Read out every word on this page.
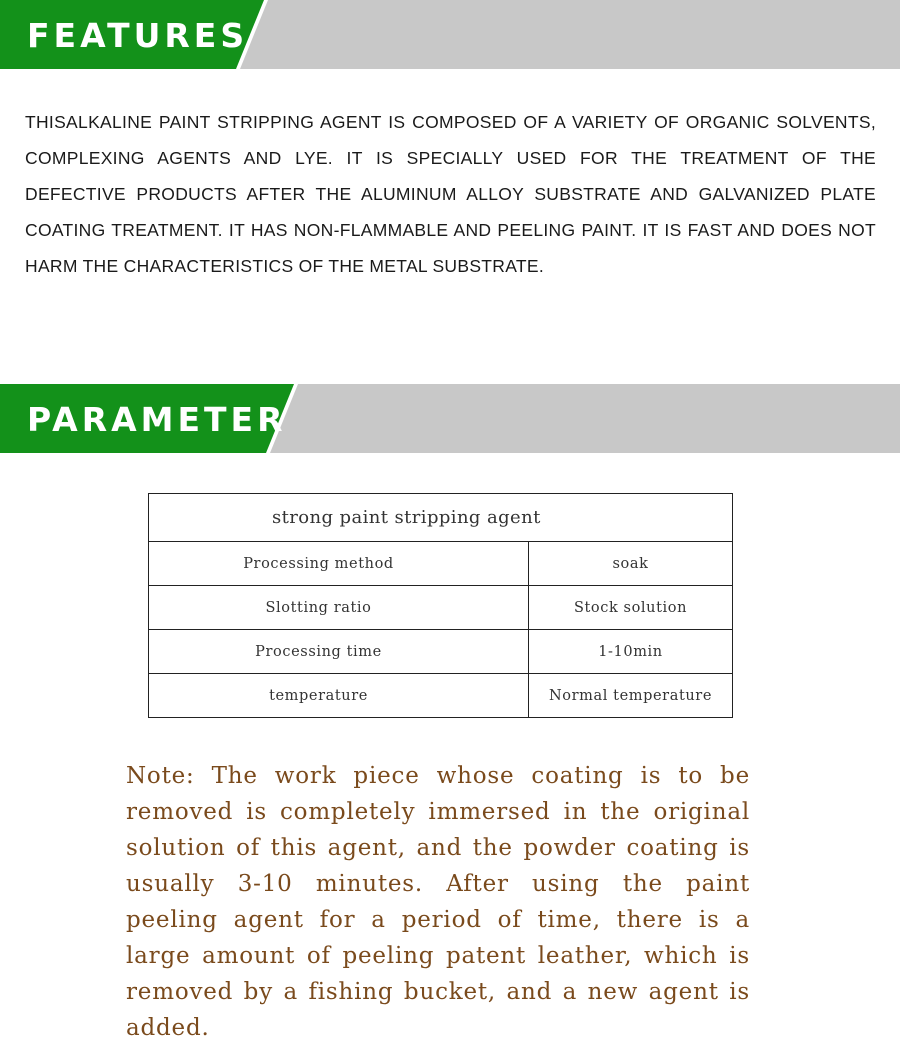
FEATURES

THISALKALINE PAINT STRIPPING AGENT IS COMPOSED OF A VARIETY OF ORGANIC SOLVENTS, COMPLEXING AGENTS AND LYE. IT IS SPECIALLY USED FOR THE TREATMENT OF THE DEFECTIVE PRODUCTS AFTER THE ALUMINUM ALLOY SUBSTRATE AND GALVANIZED PLATE COATING TREATMENT. IT HAS NON-FLAMMABLE AND PEELING PAINT. IT IS FAST AND DOES NOT HARM THE CHARACTERISTICS OF THE METAL SUBSTRATE.

PARAMETER
strong paint stripping agent	
Processing method	soak
Slotting ratio	Stock solution
Processing time	1-10min
temperature	Normal temperature

Note: The work piece whose coating is to be removed is completely immersed in the original solution of this agent, and the powder coating is usually 3-10 minutes. After using the paint peeling agent for a period of time, there is a large amount of peeling patent leather, which is removed by a fishing bucket, and a new agent is added.
